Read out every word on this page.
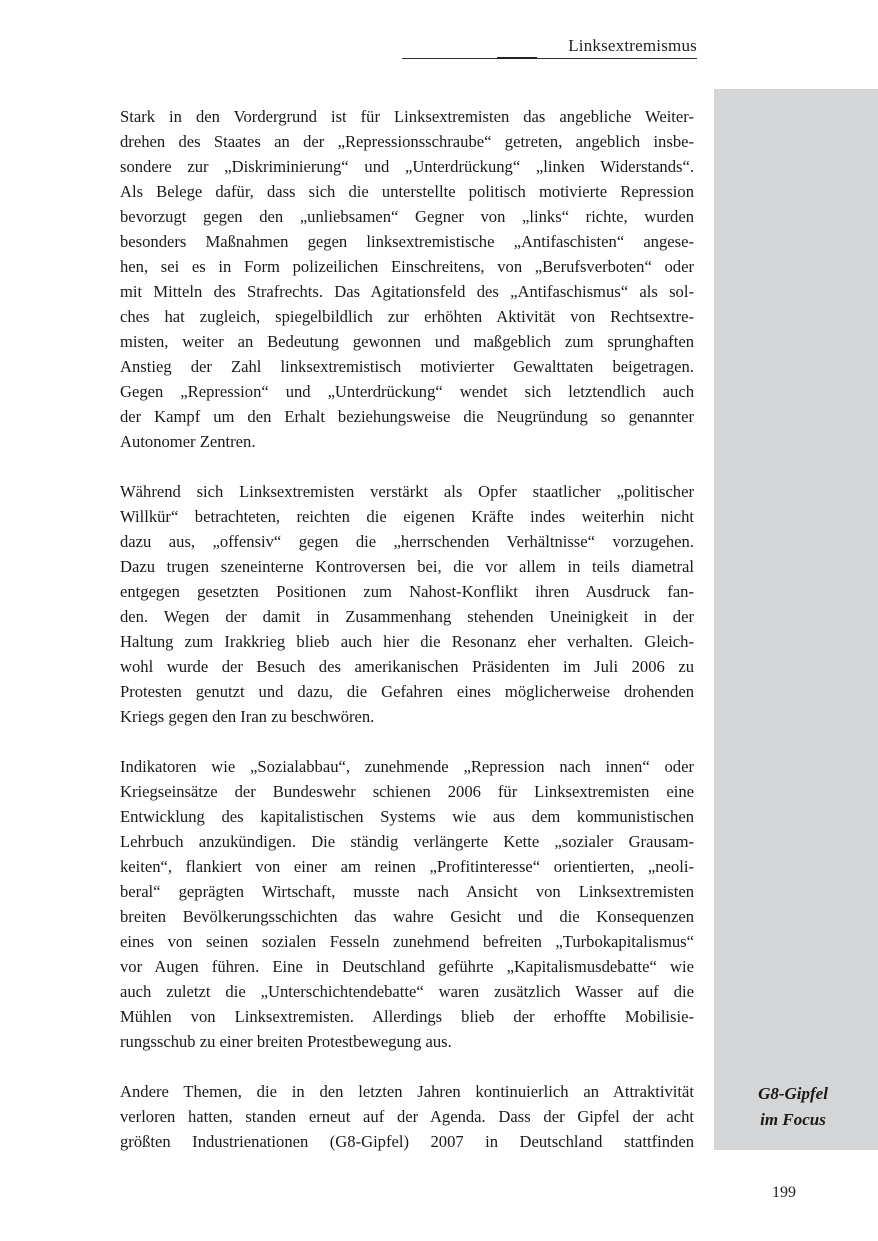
Linksextremismus
G8-Gipfel
im Focus
Stark in den Vordergrund ist für Linksextremisten das angebliche Weiter-
drehen des Staates an der „Repressionsschraube“ getreten, angeblich insbe-
sondere zur „Diskriminierung“ und „Unterdrückung“ „linken Widerstands“.
Als Belege dafür, dass sich die unterstellte politisch motivierte Repression
bevorzugt gegen den „unliebsamen“ Gegner von „links“ richte, wurden
besonders Maßnahmen gegen linksextremistische „Antifaschisten“ angese-
hen, sei es in Form polizeilichen Einschreitens, von „Berufsverboten“ oder
mit Mitteln des Strafrechts. Das Agitationsfeld des „Antifaschismus“ als sol-
ches hat zugleich, spiegelbildlich zur erhöhten Aktivität von Rechtsextre-
misten, weiter an Bedeutung gewonnen und maßgeblich zum sprunghaften
Anstieg der Zahl linksextremistisch motivierter Gewalttaten beigetragen.
Gegen „Repression“ und „Unterdrückung“ wendet sich letztendlich auch
der Kampf um den Erhalt beziehungsweise die Neugründung so genannter
Autonomer Zentren.
Während sich Linksextremisten verstärkt als Opfer staatlicher „politischer
Willkür“ betrachteten, reichten die eigenen Kräfte indes weiterhin nicht
dazu aus, „offensiv“ gegen die „herrschenden Verhältnisse“ vorzugehen.
Dazu trugen szeneinterne Kontroversen bei, die vor allem in teils diametral
entgegen gesetzten Positionen zum Nahost-Konflikt ihren Ausdruck fan-
den. Wegen der damit in Zusammenhang stehenden Uneinigkeit in der
Haltung zum Irakkrieg blieb auch hier die Resonanz eher verhalten. Gleich-
wohl wurde der Besuch des amerikanischen Präsidenten im Juli 2006 zu
Protesten genutzt und dazu, die Gefahren eines möglicherweise drohenden
Kriegs gegen den Iran zu beschwören.
Indikatoren wie „Sozialabbau“, zunehmende „Repression nach innen“ oder
Kriegseinsätze der Bundeswehr schienen 2006 für Linksextremisten eine
Entwicklung des kapitalistischen Systems wie aus dem kommunistischen
Lehrbuch anzukündigen. Die ständig verlängerte Kette „sozialer Grausam-
keiten“, flankiert von einer am reinen „Profitinteresse“ orientierten, „neoli-
beral“ geprägten Wirtschaft, musste nach Ansicht von Linksextremisten
breiten Bevölkerungsschichten das wahre Gesicht und die Konsequenzen
eines von seinen sozialen Fesseln zunehmend befreiten „Turbokapitalismus“
vor Augen führen. Eine in Deutschland geführte „Kapitalismusdebatte“ wie
auch zuletzt die „Unterschichtendebatte“ waren zusätzlich Wasser auf die
Mühlen von Linksextremisten. Allerdings blieb der erhoffte Mobilisie-
rungsschub zu einer breiten Protestbewegung aus.
Andere Themen, die in den letzten Jahren kontinuierlich an Attraktivität
verloren hatten, standen erneut auf der Agenda. Dass der Gipfel der acht
größten Industrienationen (G8-Gipfel) 2007 in Deutschland stattfinden
199
